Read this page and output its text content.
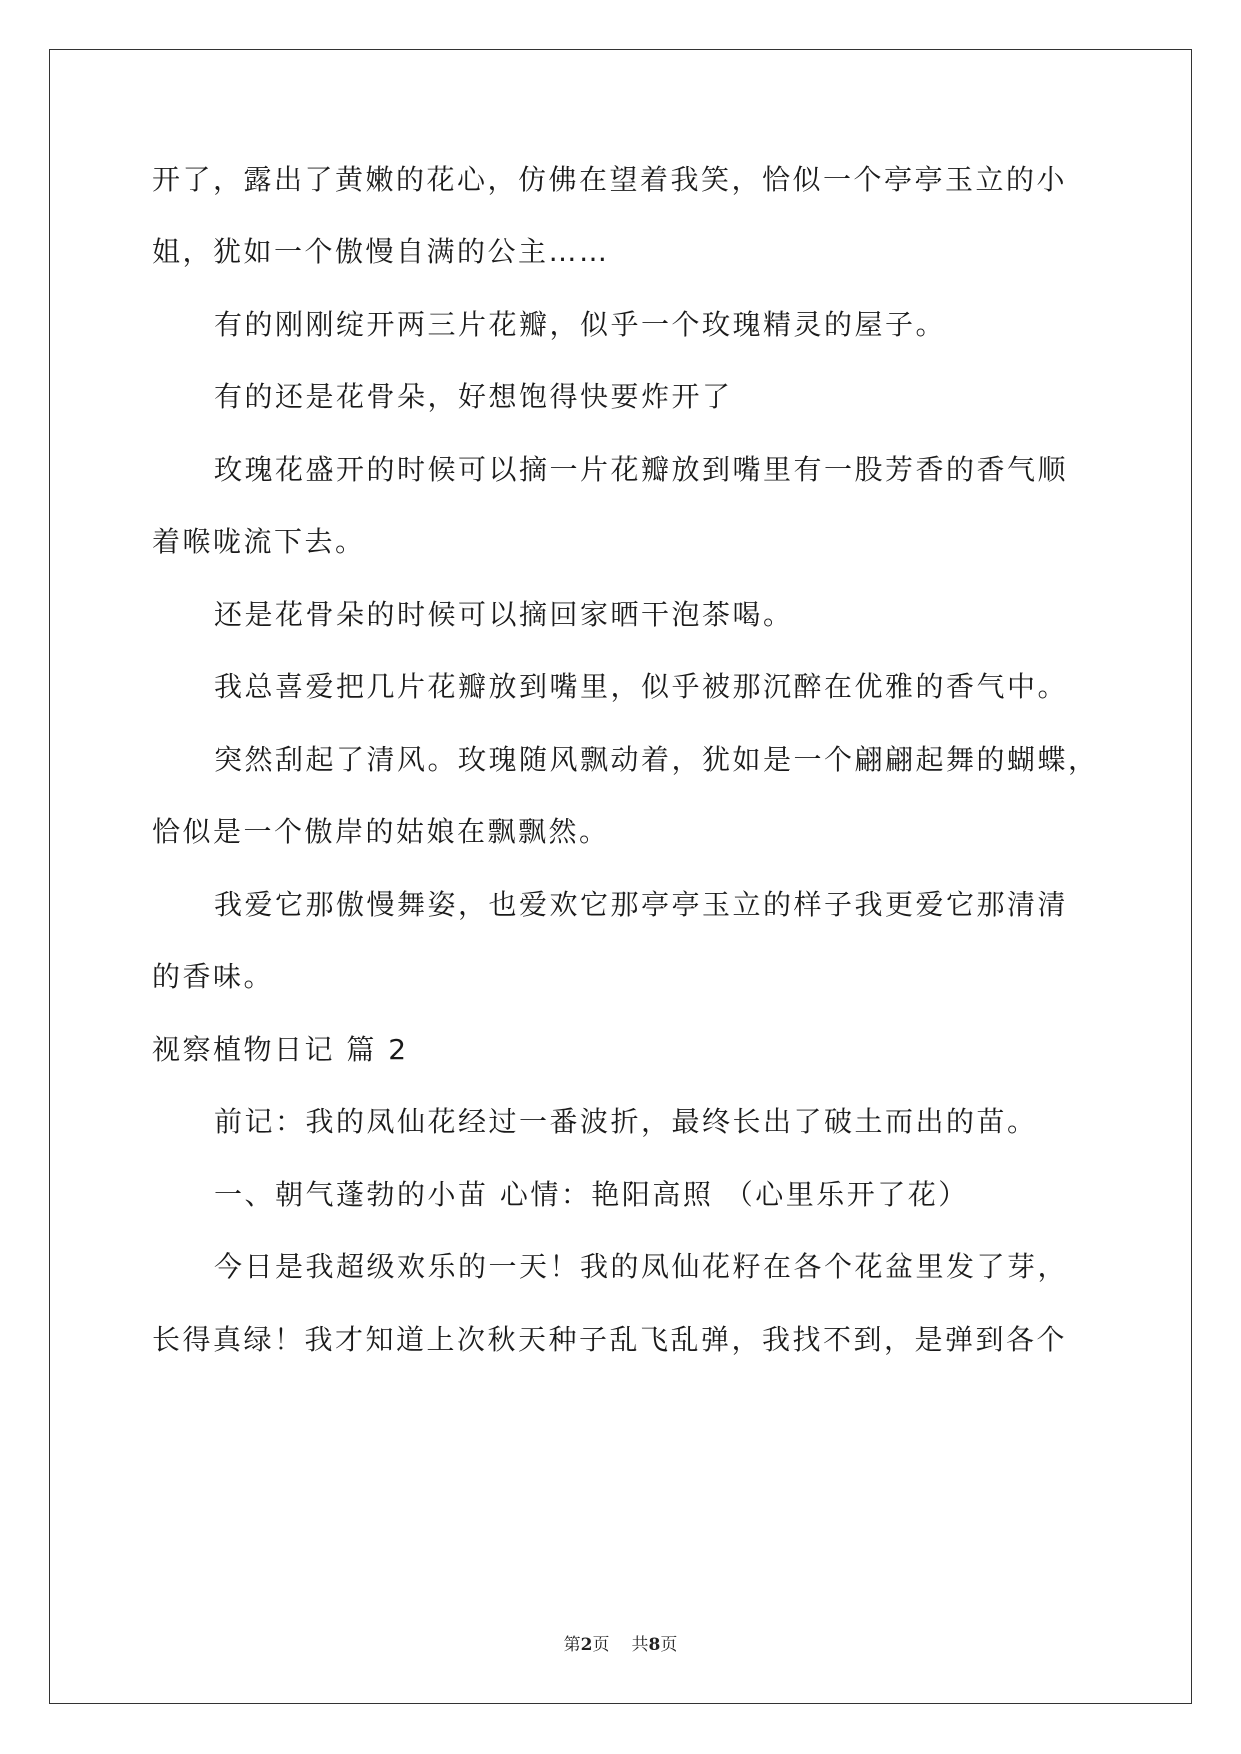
开了，露出了黄嫩的花心，仿佛在望着我笑，恰似一个亭亭玉立的小
姐，犹如一个傲慢自满的公主……
有的刚刚绽开两三片花瓣，似乎一个玫瑰精灵的屋子。
有的还是花骨朵，好想饱得快要炸开了
玫瑰花盛开的时候可以摘一片花瓣放到嘴里有一股芳香的香气顺
着喉咙流下去。
还是花骨朵的时候可以摘回家晒干泡茶喝。
我总喜爱把几片花瓣放到嘴里，似乎被那沉醉在优雅的香气中。
突然刮起了清风。玫瑰随风飘动着，犹如是一个翩翩起舞的蝴蝶，
恰似是一个傲岸的姑娘在飘飘然。
我爱它那傲慢舞姿，也爱欢它那亭亭玉立的样子我更爱它那清清
的香味。
视察植物日记 篇 2
前记：我的凤仙花经过一番波折，最终长出了破土而出的苗。
一、朝气蓬勃的小苗 心情：艳阳高照 （心里乐开了花）
今日是我超级欢乐的一天！我的凤仙花籽在各个花盆里发了芽，
长得真绿！我才知道上次秋天种子乱飞乱弹，我找不到，是弹到各个
第2页 共8页
